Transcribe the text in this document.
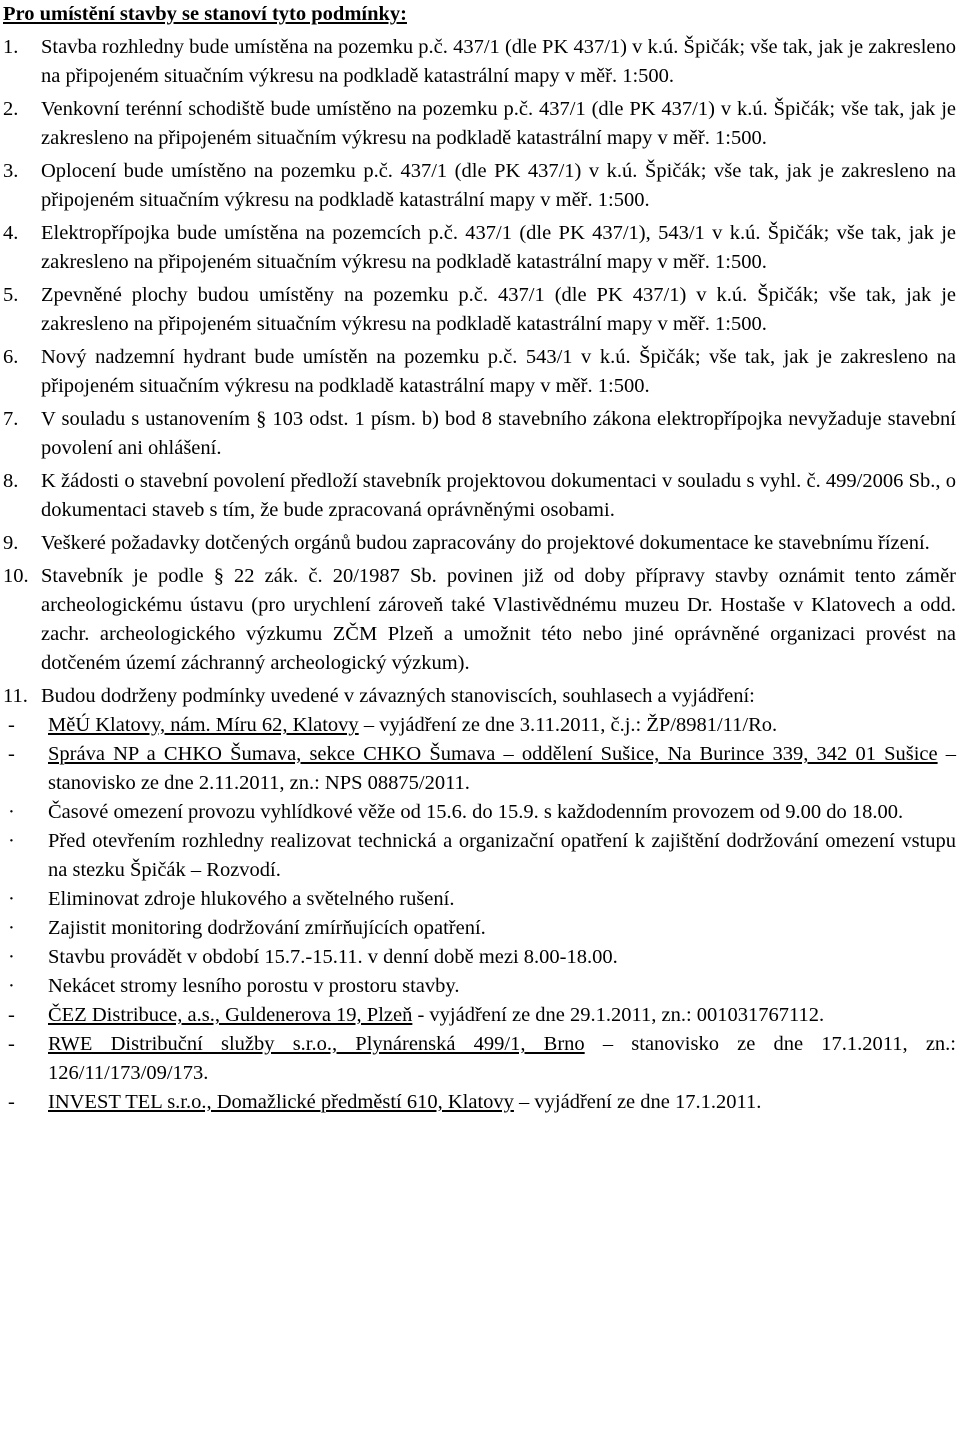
Pro umístění stavby se stanoví tyto podmínky:
1.	Stavba rozhledny bude umístěna na pozemku p.č. 437/1 (dle PK 437/1) v k.ú. Špičák; vše tak, jak je zakresleno na připojeném situačním výkresu na podkladě katastrální mapy v měř. 1:500.
2.	Venkovní terénní schodiště bude umístěno na pozemku p.č. 437/1 (dle PK 437/1) v k.ú. Špičák; vše tak, jak je zakresleno na připojeném situačním výkresu na podkladě katastrální mapy v měř. 1:500.
3.	Oplocení bude umístěno na pozemku p.č. 437/1 (dle PK 437/1) v k.ú. Špičák; vše tak, jak je zakresleno na připojeném situačním výkresu na podkladě katastrální mapy v měř. 1:500.
4.	Elektropřípojka bude umístěna na pozemcích p.č. 437/1 (dle PK 437/1), 543/1 v k.ú. Špičák; vše tak, jak je zakresleno na připojeném situačním výkresu na podkladě katastrální mapy v měř. 1:500.
5.	Zpevněné plochy budou umístěny na pozemku p.č. 437/1 (dle PK 437/1) v k.ú. Špičák; vše tak, jak je zakresleno na připojeném situačním výkresu na podkladě katastrální mapy v měř. 1:500.
6.	Nový nadzemní hydrant bude umístěn na pozemku p.č. 543/1 v k.ú. Špičák; vše tak, jak je zakresleno na připojeném situačním výkresu na podkladě katastrální mapy v měř. 1:500.
7.	V souladu s ustanovením § 103 odst. 1 písm. b) bod 8 stavebního zákona elektropřípojka nevyžaduje stavební povolení ani ohlášení.
8.	K žádosti o stavební povolení předloží stavebník projektovou dokumentaci v souladu s vyhl. č. 499/2006 Sb., o dokumentaci staveb s tím, že bude zpracovaná oprávněnými osobami.
9.	Veškeré požadavky dotčených orgánů budou zapracovány do projektové dokumentace ke stavebnímu řízení.
10. Stavebník je podle § 22 zák. č. 20/1987 Sb. povinen již od doby přípravy stavby oznámit tento záměr archeologickému ústavu (pro urychlení zároveň také Vlastivědnému muzeu Dr. Hostaše v Klatovech a odd. zachr. archeologického výzkumu ZČM Plzeň a umožnit této nebo jiné oprávněné organizaci provést na dotčeném území záchranný archeologický výzkum).
11. Budou dodrženy podmínky uvedené v závazných stanoviscích, souhlasech a vyjádření:
-	MěÚ Klatovy, nám. Míru 62, Klatovy – vyjádření ze dne 3.11.2011, č.j.: ŽP/8981/11/Ro.
-	Správa NP a CHKO Šumava, sekce CHKO Šumava – oddělení Sušice, Na Burince 339, 342 01 Sušice – stanovisko ze dne 2.11.2011, zn.: NPS 08875/2011.
·	Časové omezení provozu vyhlídkové věže od 15.6. do 15.9. s každodenním provozem od 9.00 do 18.00.
·	Před otevřením rozhledny realizovat technická a organizační opatření k zajištění dodržování omezení vstupu na stezku Špičák – Rozvodí.
·	Eliminovat zdroje hlukového a světelného rušení.
·	Zajistit monitoring dodržování zmírňujících opatření.
·	Stavbu provádět v období 15.7.-15.11. v denní době mezi 8.00-18.00.
·	Nekácet stromy lesního porostu v prostoru stavby.
-	ČEZ Distribuce, a.s., Guldenerova 19, Plzeň - vyjádření ze dne 29.1.2011, zn.: 001031767112.
-	RWE Distribuční služby s.r.o., Plynárenská 499/1, Brno – stanovisko ze dne 17.1.2011, zn.: 126/11/173/09/173.
-	INVEST TEL s.r.o., Domažlické předměstí 610, Klatovy – vyjádření ze dne 17.1.2011.
